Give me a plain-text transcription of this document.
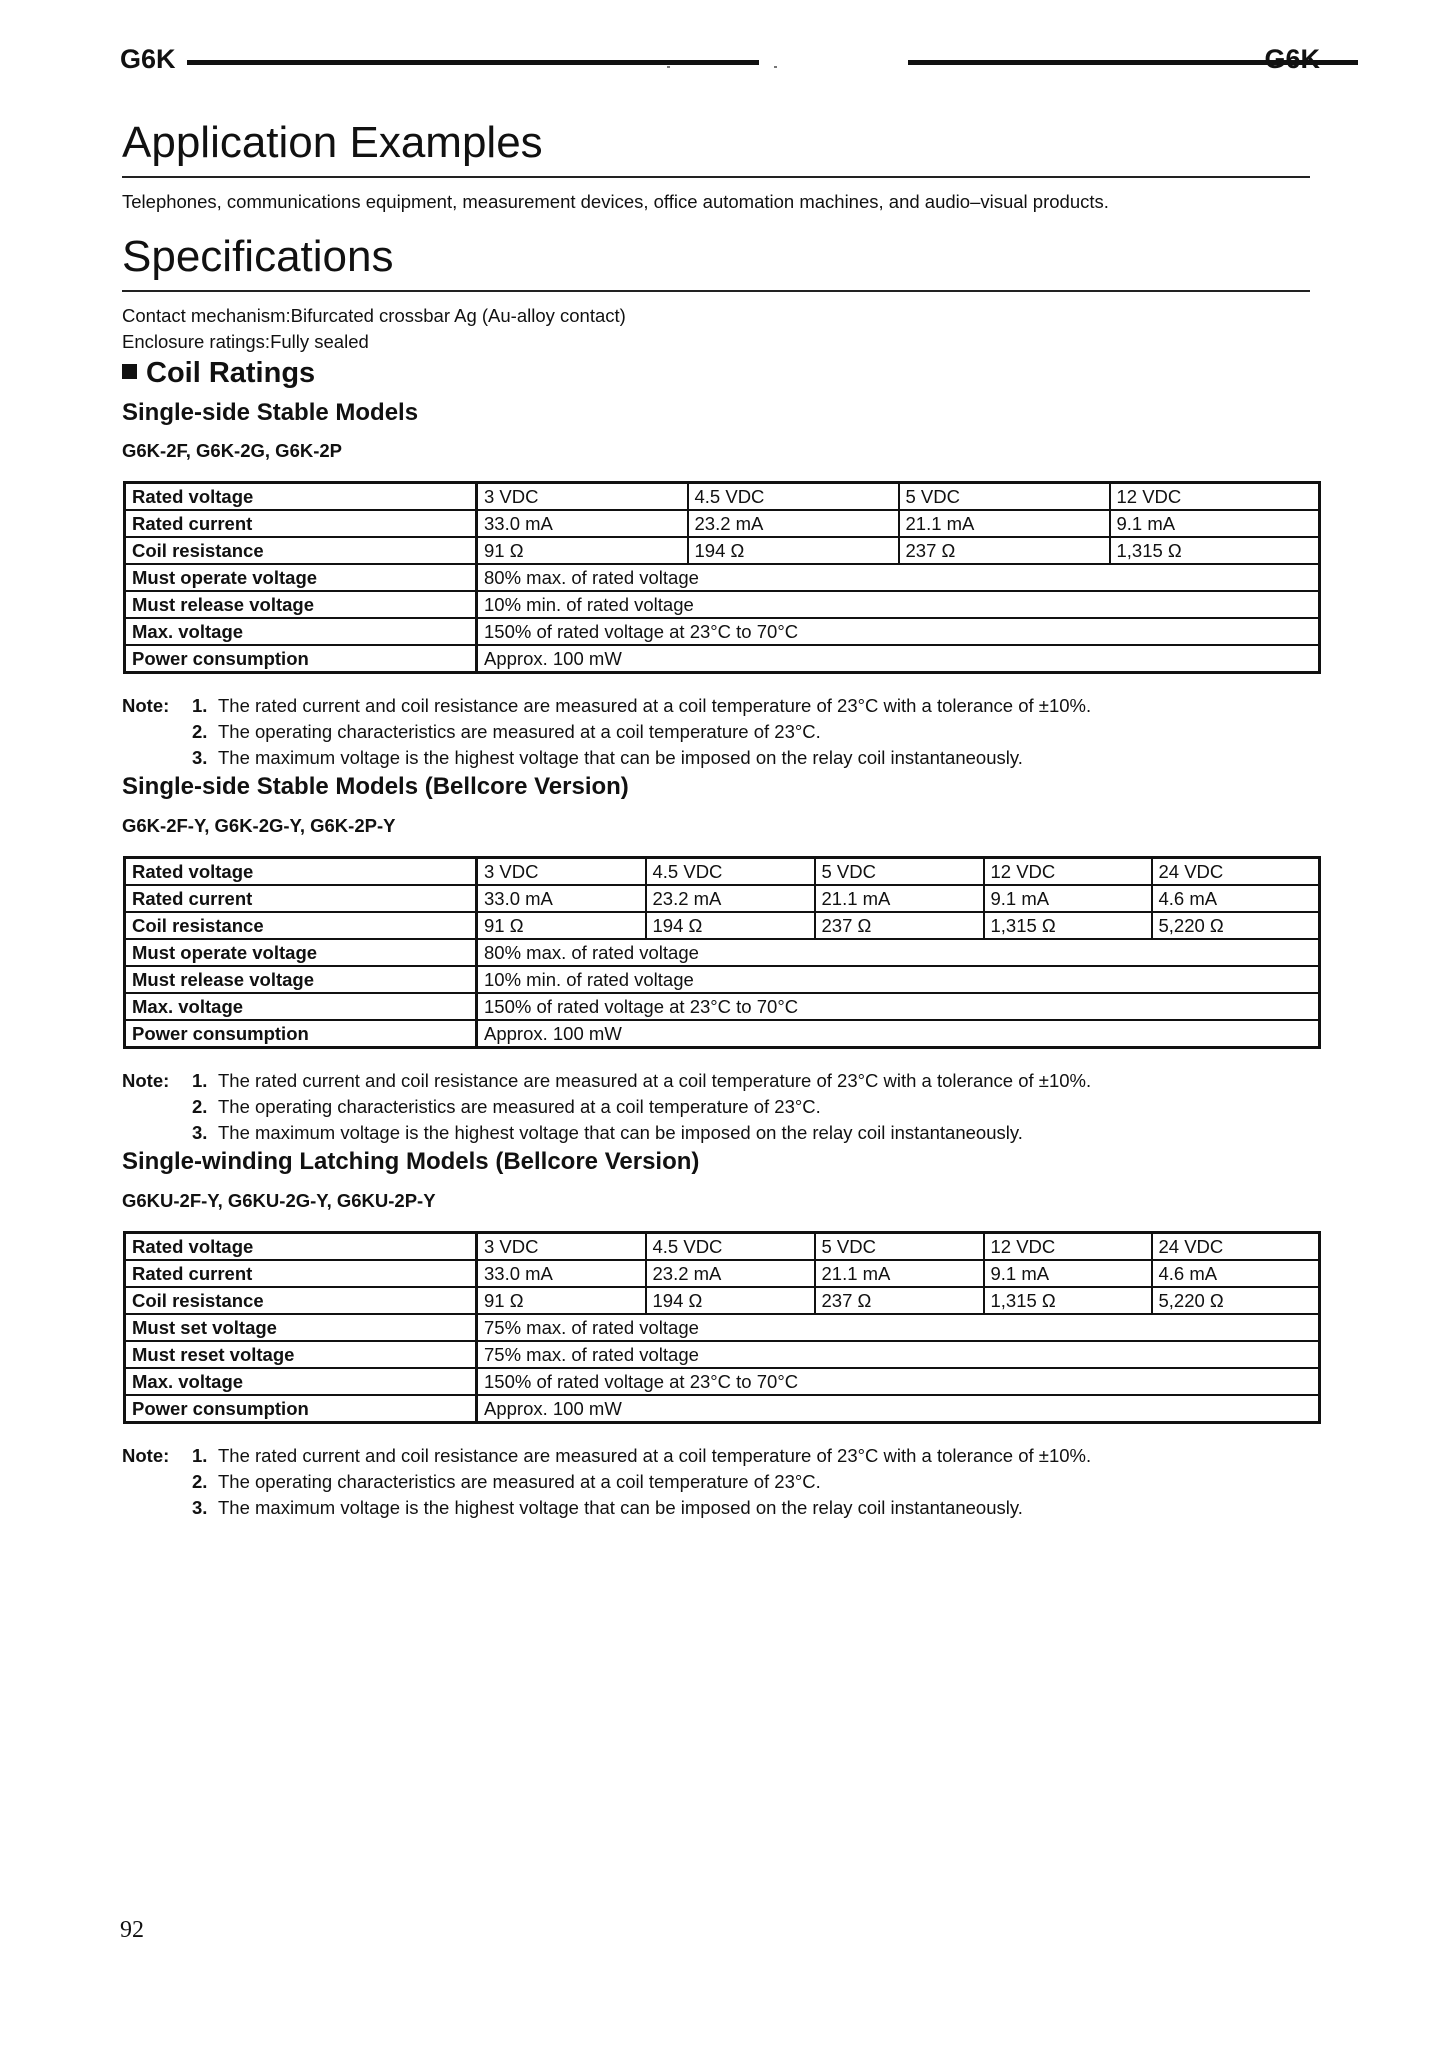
G6K	G6K
Application Examples
Telephones, communications equipment, measurement devices, office automation machines, and audio–visual products.
Specifications
Contact mechanism:Bifurcated crossbar Ag (Au-alloy contact)
Enclosure ratings:Fully sealed
Coil Ratings
Single-side Stable Models
G6K-2F, G6K-2G, G6K-2P
Rated voltage	3 VDC	4.5 VDC	5 VDC	12 VDC
Rated current	33.0 mA	23.2 mA	21.1 mA	9.1 mA
Coil resistance	91 Ω	194 Ω	237 Ω	1,315 Ω
Must operate voltage	80% max. of rated voltage			
Must release voltage	10% min. of rated voltage			
Max. voltage	150% of rated voltage at 23°C to 70°C			
Power consumption	Approx. 100 mW			
Note: 1. The rated current and coil resistance are measured at a coil temperature of 23°C with a tolerance of ±10%.
2. The operating characteristics are measured at a coil temperature of 23°C.
3. The maximum voltage is the highest voltage that can be imposed on the relay coil instantaneously.
Single-side Stable Models (Bellcore Version)
G6K-2F-Y, G6K-2G-Y, G6K-2P-Y
Rated voltage	3 VDC	4.5 VDC	5 VDC	12 VDC	24 VDC
Rated current	33.0 mA	23.2 mA	21.1 mA	9.1 mA	4.6 mA
Coil resistance	91 Ω	194 Ω	237 Ω	1,315 Ω	5,220 Ω
Must operate voltage	80% max. of rated voltage				
Must release voltage	10% min. of rated voltage				
Max. voltage	150% of rated voltage at 23°C to 70°C				
Power consumption	Approx. 100 mW				
Note: 1. The rated current and coil resistance are measured at a coil temperature of 23°C with a tolerance of ±10%.
2. The operating characteristics are measured at a coil temperature of 23°C.
3. The maximum voltage is the highest voltage that can be imposed on the relay coil instantaneously.
Single-winding Latching Models (Bellcore Version)
G6KU-2F-Y, G6KU-2G-Y, G6KU-2P-Y
Rated voltage	3 VDC	4.5 VDC	5 VDC	12 VDC	24 VDC
Rated current	33.0 mA	23.2 mA	21.1 mA	9.1 mA	4.6 mA
Coil resistance	91 Ω	194 Ω	237 Ω	1,315 Ω	5,220 Ω
Must set voltage	75% max. of rated voltage				
Must reset voltage	75% max. of rated voltage				
Max. voltage	150% of rated voltage at 23°C to 70°C				
Power consumption	Approx. 100 mW				
Note: 1. The rated current and coil resistance are measured at a coil temperature of 23°C with a tolerance of ±10%.
2. The operating characteristics are measured at a coil temperature of 23°C.
3. The maximum voltage is the highest voltage that can be imposed on the relay coil instantaneously.
92
